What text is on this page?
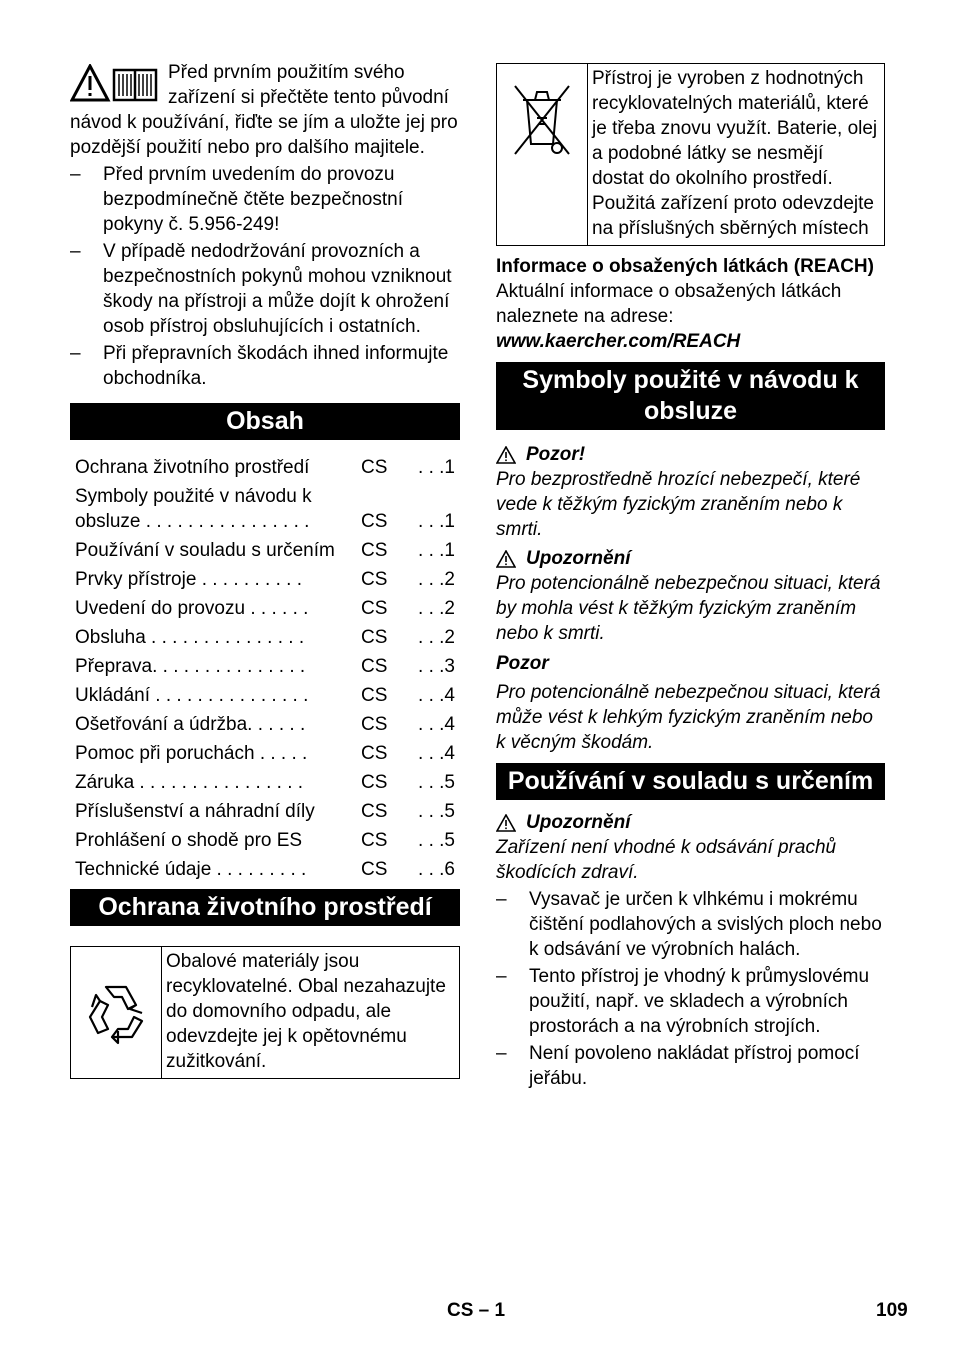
Před prvním použitím svého zařízení si přečtěte tento původní návod k používání, řiďte se jím a uložte jej pro pozdější použití nebo pro dalšího majitele.

–	Před prvním uvedením do provozu bezpodmínečně čtěte bezpečnostní pokyny č. 5.956-249!
–	V případě nedodržování provozních a bezpečnostních pokynů mohou vzniknout škody na přístroji a může dojít k ohrožení osob přístroj obsluhujících i ostatních.
–	Při přepravních škodách ihned informujte obchodníka.
Obsah
Ochrana životního prostředí	CS	. . .1
Symboly použité v návodu k obsluze . . . . . . . . . . . . . . . .	CS	. . .1
Používání v souladu s určením	CS	. . .1
Prvky přístroje . . . . . . . . . .	CS	. . .2
Uvedení do provozu . . . . . .	CS	. . .2
Obsluha . . . . . . . . . . . . . . .	CS	. . .2
Přeprava. . . . . . . . . . . . . . .	CS	. . .3
Ukládání . . . . . . . . . . . . . . .	CS	. . .4
Ošetřování a údržba. . . . . .	CS	. . .4
Pomoc při poruchách . . . . .	CS	. . .4
Záruka . . . . . . . . . . . . . . . .	CS	. . .5
Příslušenství a náhradní díly	CS	. . .5
Prohlášení o shodě pro ES	CS	. . .5
Technické údaje . . . . . . . . .	CS	. . .6
Ochrana životního prostředí
Obalové materiály jsou recyklovatelné. Obal nezahazujte do domovního odpadu, ale odevzdejte jej k opětovnému zužitkování.
Přístroj je vyroben z hodnotných recyklovatelných materiálů, které je třeba znovu využít. Baterie, olej a podobné látky se nesmějí dostat do okolního prostředí. Použitá zařízení proto odevzdejte na příslušných sběrných místech

Informace o obsažených látkách (REACH)

Aktuální informace o obsažených látkách naleznete na adrese:

www.kaercher.com/REACH

Symboly použité v návodu k obsluze
Pozor!

Pro bezprostředně hrozící nebezpečí, které vede k těžkým fyzickým zraněním nebo k smrti.

Upozornění

Pro potencionálně nebezpečnou situaci, která by mohla vést k těžkým fyzickým zraněním nebo k smrti.

Pozor

Pro potencionálně nebezpečnou situaci, která může vést k lehkým fyzickým zraněním nebo k věcným škodám.

Používání v souladu s určením
Upozornění

Zařízení není vhodné k odsávání prachů škodících zdraví.

–	Vysavač je určen k vlhkému i mokrému čištění podlahových a svislých ploch nebo k odsávání ve výrobních halách.
–	Tento přístroj je vhodný k průmyslovému použití, např. ve skladech a výrobních prostorách a na výrobních strojích.
–	Není povoleno nakládat přístroj pomocí jeřábu.
CS – 1	109
